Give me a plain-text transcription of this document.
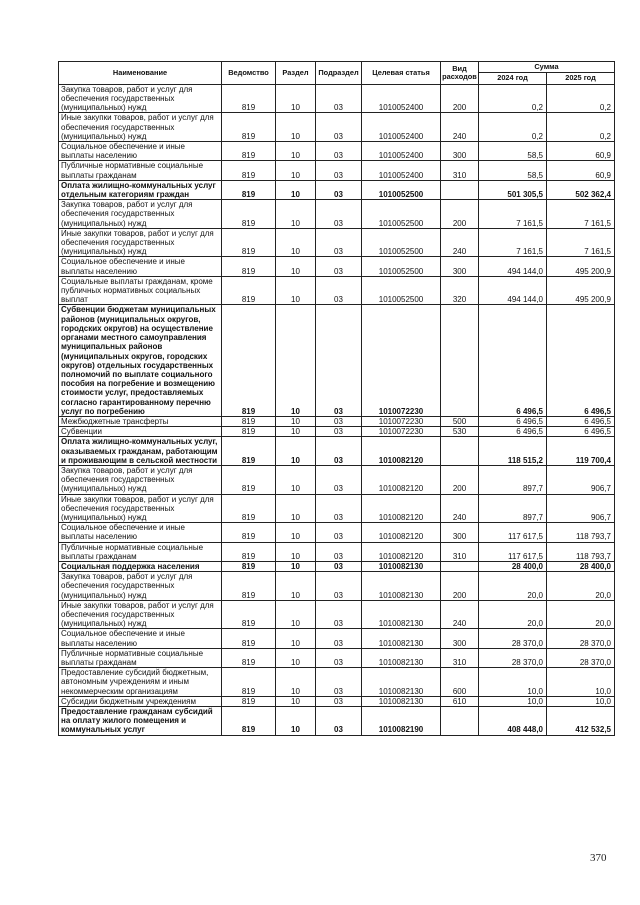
Наименование	Ведомство	Раздел	Подраздел	Целевая статья	Вид расходов	Сумма	
						2024 год	2025 год
Закупка товаров, работ и услуг для обеспечения государственных (муниципальных) нужд	819	10	03	1010052400	200	0,2	0,2
Иные закупки товаров, работ и услуг для обеспечения государственных (муниципальных) нужд	819	10	03	1010052400	240	0,2	0,2
Социальное обеспечение и иные выплаты населению	819	10	03	1010052400	300	58,5	60,9
Публичные нормативные социальные выплаты гражданам	819	10	03	1010052400	310	58,5	60,9
Оплата жилищно-коммунальных услуг отдельным категориям граждан	819	10	03	1010052500		501 305,5	502 362,4
Закупка товаров, работ и услуг для обеспечения государственных (муниципальных) нужд	819	10	03	1010052500	200	7 161,5	7 161,5
Иные закупки товаров, работ и услуг для обеспечения государственных (муниципальных) нужд	819	10	03	1010052500	240	7 161,5	7 161,5
Социальное обеспечение и иные выплаты населению	819	10	03	1010052500	300	494 144,0	495 200,9
Социальные выплаты гражданам, кроме публичных нормативных социальных выплат	819	10	03	1010052500	320	494 144,0	495 200,9
Субвенции бюджетам муниципальных районов (муниципальных округов, городских округов) на осуществление органами местного самоуправления муниципальных районов (муниципальных округов, городских округов) отдельных государственных полномочий по выплате социального пособия на погребение и возмещению стоимости услуг, предоставляемых согласно гарантированному перечню услуг по погребению	819	10	03	1010072230		6 496,5	6 496,5
Межбюджетные трансферты	819	10	03	1010072230	500	6 496,5	6 496,5
Субвенции	819	10	03	1010072230	530	6 496,5	6 496,5
Оплата жилищно-коммунальных услуг, оказываемых гражданам, работающим и проживающим в сельской местности	819	10	03	1010082120		118 515,2	119 700,4
Закупка товаров, работ и услуг для обеспечения государственных (муниципальных) нужд	819	10	03	1010082120	200	897,7	906,7
Иные закупки товаров, работ и услуг для обеспечения государственных (муниципальных) нужд	819	10	03	1010082120	240	897,7	906,7
Социальное обеспечение и иные выплаты населению	819	10	03	1010082120	300	117 617,5	118 793,7
Публичные нормативные социальные выплаты гражданам	819	10	03	1010082120	310	117 617,5	118 793,7
Социальная поддержка населения	819	10	03	1010082130		28 400,0	28 400,0
Закупка товаров, работ и услуг для обеспечения государственных (муниципальных) нужд	819	10	03	1010082130	200	20,0	20,0
Иные закупки товаров, работ и услуг для обеспечения государственных (муниципальных) нужд	819	10	03	1010082130	240	20,0	20,0
Социальное обеспечение и иные выплаты населению	819	10	03	1010082130	300	28 370,0	28 370,0
Публичные нормативные социальные выплаты гражданам	819	10	03	1010082130	310	28 370,0	28 370,0
Предоставление субсидий бюджетным, автономным учреждениям и иным некоммерческим организациям	819	10	03	1010082130	600	10,0	10,0
Субсидии бюджетным учреждениям	819	10	03	1010082130	610	10,0	10,0
Предоставление гражданам субсидий на оплату жилого помещения и коммунальных услуг	819	10	03	1010082190		408 448,0	412 532,5
370
